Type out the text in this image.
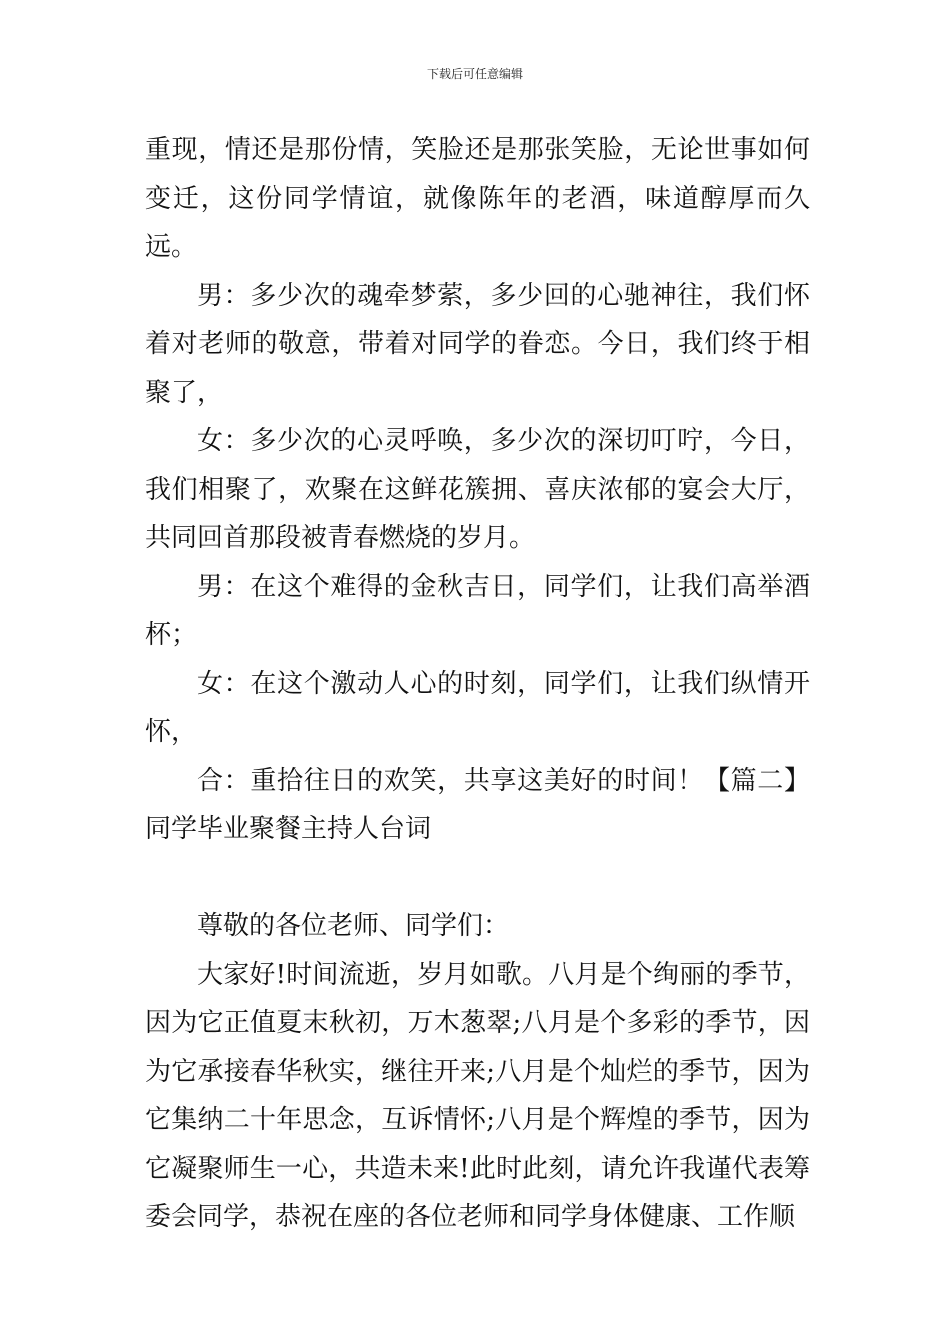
下载后可任意编辑

重现，情还是那份情，笑脸还是那张笑脸，无论世事如何变迁，这份同学情谊，就像陈年的老酒，味道醇厚而久远。

男：多少次的魂牵梦萦，多少回的心驰神往，我们怀着对老师的敬意，带着对同学的眷恋。今日，我们终于相聚了，

女：多少次的心灵呼唤，多少次的深切叮咛，今日，我们相聚了，欢聚在这鲜花簇拥、喜庆浓郁的宴会大厅，共同回首那段被青春燃烧的岁月。

男：在这个难得的金秋吉日，同学们，让我们高举酒杯；

女：在这个激动人心的时刻，同学们，让我们纵情开怀，

合：重拾往日的欢笑，共享这美好的时间！【篇二】同学毕业聚餐主持人台词

尊敬的各位老师、同学们：

大家好!时间流逝，岁月如歌。八月是个绚丽的季节，因为它正值夏末秋初，万木葱翠;八月是个多彩的季节，因为它承接春华秋实，继往开来;八月是个灿烂的季节，因为它集纳二十年思念，互诉情怀;八月是个辉煌的季节，因为它凝聚师生一心，共造未来!此时此刻，请允许我谨代表筹委会同学，恭祝在座的各位老师和同学身体健康、工作顺
